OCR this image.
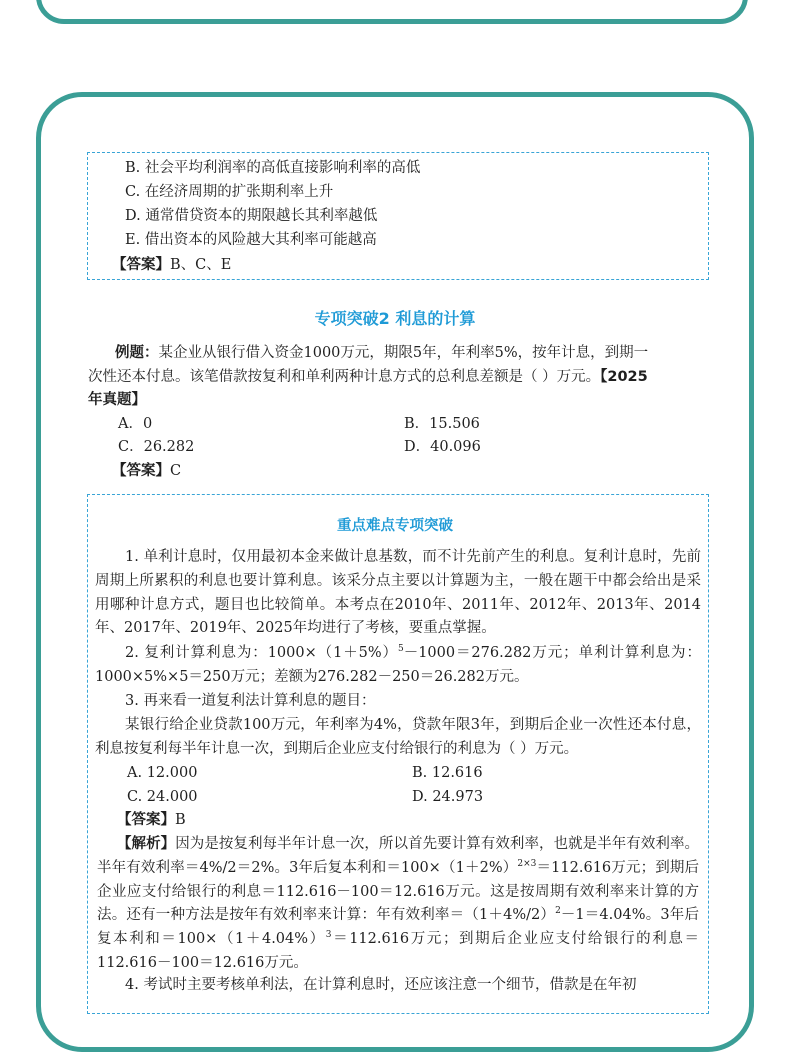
B. 社会平均利润率的高低直接影响利率的高低
C. 在经济周期的扩张期利率上升
D. 通常借贷资本的期限越长其利率越低
E. 借出资本的风险越大其利率可能越高
【答案】B、C、E
专项突破2 利息的计算
例题：某企业从银行借入资金1000万元，期限5年，年利率5%，按年计息，到期一
次性还本付息。该笔借款按复利和单利两种计息方式的总利息差额是（ ）万元。【2025
年真题】
A．0	B．15.506
C．26.282	D．40.096
【答案】C
重点难点专项突破
1. 单利计息时，仅用最初本金来做计息基数，而不计先前产生的利息。复利计息时，先前周期上所累积的利息也要计算利息。该采分点主要以计算题为主，一般在题干中都会给出是采用哪种计息方式，题目也比较简单。本考点在2010年、2011年、2012年、2013年、2014年、2017年、2019年、2025年均进行了考核，要重点掌握。
2. 复利计算利息为：$1000\times(1+5\%)^5-1000=276.282$万元；单利计算利息为：1000×5%×5＝250万元；差额为276.282－250＝26.282万元。
3. 再来看一道复利法计算利息的题目：
某银行给企业贷款100万元，年利率为4%，贷款年限3年，到期后企业一次性还本付息，利息按复利每半年计息一次，到期后企业应支付给银行的利息为（ ）万元。
A. 12.000	B. 12.616
C. 24.000	D. 24.973
【答案】B
【解析】因为是按复利每半年计息一次，所以首先要计算有效利率，也就是半年有效利率。半年有效利率＝4%/2＝2%。3年后复本利和$=100\times(1+2\%)^{2\times 3}=112.616$万元；到期后企业应支付给银行的利息＝112.616－100＝12.616万元。这是按周期有效利率来计算的方法。还有一种方法是按年有效利率来计算：年有效利率$=(1+4\%/2)^2-1=4.04\%$。3年后复本利和$=100\times(1+4.04\%)^3=112.616$万元；到期后企业应支付给银行的利息＝112.616－100＝12.616万元。
4. 考试时主要考核单利法，在计算利息时，还应该注意一个细节，借款是在年初
